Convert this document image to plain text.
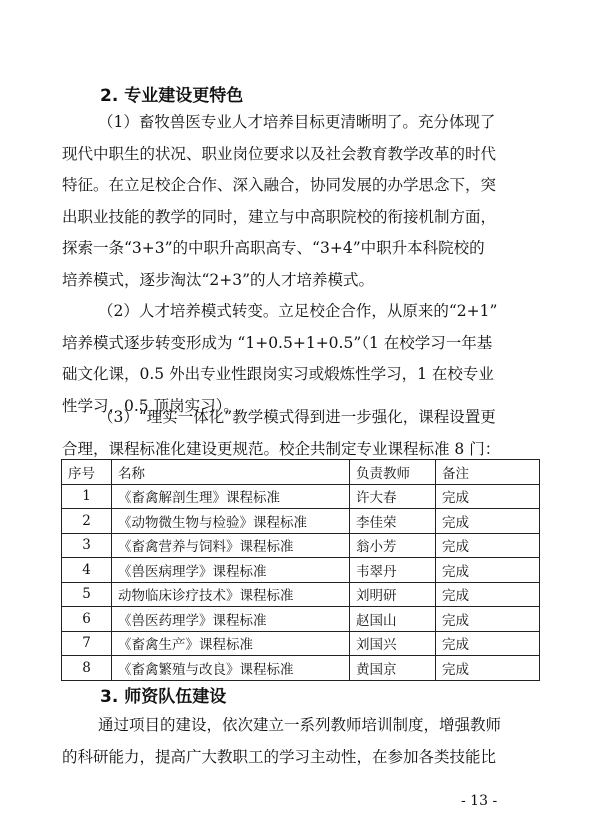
2. 专业建设更特色
（1）畜牧兽医专业人才培养目标更清晰明了。充分体现了
现代中职生的状况、职业岗位要求以及社会教育教学改革的时代
特征。在立足校企合作、深入融合，协同发展的办学思念下，突
出职业技能的教学的同时，建立与中高职院校的衔接机制方面，
探索一条“3+3”的中职升高职高专、“3+4”中职升本科院校的
培养模式，逐步淘汰“2+3”的人才培养模式。
（2）人才培养模式转变。立足校企合作，从原来的“2+1”
培养模式逐步转变形成为 “1+0.5+1+0.5”（1 在校学习一年基
础文化课，0.5 外出专业性跟岗实习或煅炼性学习，1 在校专业
性学习，0.5 顶岗实习）。
（3）“理实一体化”教学模式得到进一步强化，课程设置更
合理，课程标准化建设更规范。校企共制定专业课程标准 8 门：
序号	名称	负责教师	备注
1	《畜禽解剖生理》课程标准	许大春	完成
2	《动物微生物与检验》课程标准	李佳荣	完成
3	《畜禽营养与饲料》课程标准	翁小芳	完成
4	《兽医病理学》课程标准	韦翠丹	完成
5	动物临床诊疗技术》课程标准	刘明研	完成
6	《兽医药理学》课程标准	赵国山	完成
7	《畜禽生产》课程标准	刘国兴	完成
8	《畜禽繁殖与改良》课程标准	黄国京	完成
3. 师资队伍建设
通过项目的建设，依次建立一系列教师培训制度，增强教师
的科研能力，提高广大教职工的学习主动性，在参加各类技能比
- 13 -
